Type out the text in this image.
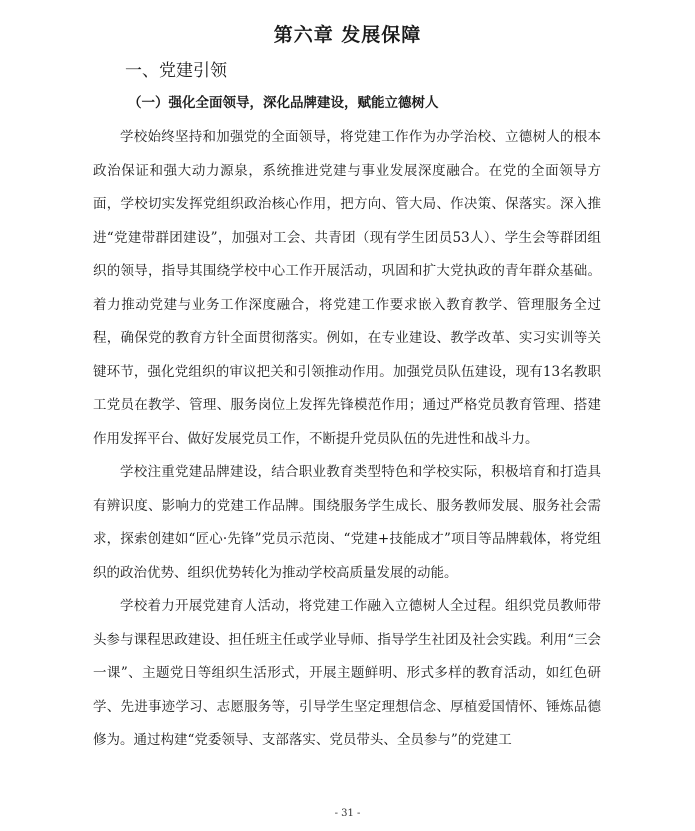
第六章 发展保障
一、党建引领
（一）强化全面领导，深化品牌建设，赋能立德树人

学校始终坚持和加强党的全面领导，将党建工作作为办学治校、立德树人的根本政治保证和强大动力源泉，系统推进党建与事业发展深度融合。在党的全面领导方面，学校切实发挥党组织政治核心作用，把方向、管大局、作决策、保落实。深入推进“党建带群团建设”，加强对工会、共青团（现有学生团员53人）、学生会等群团组织的领导，指导其围绕学校中心工作开展活动，巩固和扩大党执政的青年群众基础。着力推动党建与业务工作深度融合，将党建工作要求嵌入教育教学、管理服务全过程，确保党的教育方针全面贯彻落实。例如，在专业建设、教学改革、实习实训等关键环节，强化党组织的审议把关和引领推动作用。加强党员队伍建设，现有13名教职工党员在教学、管理、服务岗位上发挥先锋模范作用；通过严格党员教育管理、搭建作用发挥平台、做好发展党员工作，不断提升党员队伍的先进性和战斗力。

学校注重党建品牌建设，结合职业教育类型特色和学校实际，积极培育和打造具有辨识度、影响力的党建工作品牌。围绕服务学生成长、服务教师发展、服务社会需求，探索创建如“匠心·先锋”党员示范岗、“党建+技能成才”项目等品牌载体，将党组织的政治优势、组织优势转化为推动学校高质量发展的动能。

学校着力开展党建育人活动，将党建工作融入立德树人全过程。组织党员教师带头参与课程思政建设、担任班主任或学业导师、指导学生社团及社会实践。利用“三会一课”、主题党日等组织生活形式，开展主题鲜明、形式多样的教育活动，如红色研学、先进事迹学习、志愿服务等，引导学生坚定理想信念、厚植爱国情怀、锤炼品德修为。通过构建“党委领导、支部落实、党员带头、全员参与”的党建工

- 31 -
